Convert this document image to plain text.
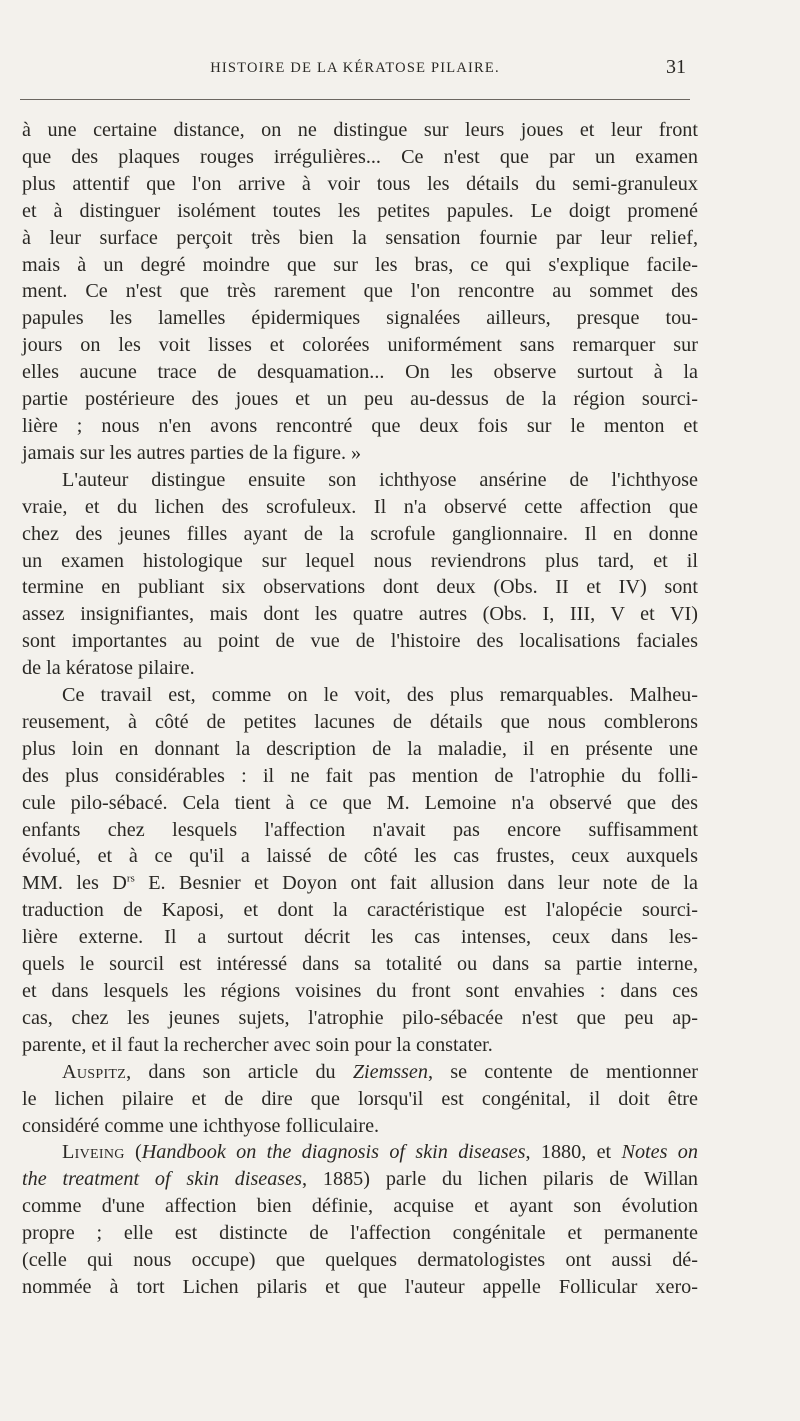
HISTOIRE DE LA KÉRATOSE PILAIRE.	31
à une certaine distance, on ne distingue sur leurs joues et leur front
que des plaques rouges irrégulières... Ce n'est que par un examen
plus attentif que l'on arrive à voir tous les détails du semi-granuleux
et à distinguer isolément toutes les petites papules. Le doigt promené
à leur surface perçoit très bien la sensation fournie par leur relief,
mais à un degré moindre que sur les bras, ce qui s'explique facile-
ment. Ce n'est que très rarement que l'on rencontre au sommet des
papules les lamelles épidermiques signalées ailleurs, presque tou-
jours on les voit lisses et colorées uniformément sans remarquer sur
elles aucune trace de desquamation... On les observe surtout à la
partie postérieure des joues et un peu au-dessus de la région sourci-
lière ; nous n'en avons rencontré que deux fois sur le menton et
jamais sur les autres parties de la figure. »
L'auteur distingue ensuite son ichthyose ansérine de l'ichthyose
vraie, et du lichen des scrofuleux. Il n'a observé cette affection que
chez des jeunes filles ayant de la scrofule ganglionnaire. Il en donne
un examen histologique sur lequel nous reviendrons plus tard, et il
termine en publiant six observations dont deux (Obs. II et IV) sont
assez insignifiantes, mais dont les quatre autres (Obs. I, III, V et VI)
sont importantes au point de vue de l'histoire des localisations faciales
de la kératose pilaire.
Ce travail est, comme on le voit, des plus remarquables. Malheu-
reusement, à côté de petites lacunes de détails que nous comblerons
plus loin en donnant la description de la maladie, il en présente une
des plus considérables : il ne fait pas mention de l'atrophie du folli-
cule pilo-sébacé. Cela tient à ce que M. Lemoine n'a observé que des
enfants chez lesquels l'affection n'avait pas encore suffisamment
évolué, et à ce qu'il a laissé de côté les cas frustes, ceux auxquels
MM. les $D^{rs}$ E. Besnier et Doyon ont fait allusion dans leur note de la
traduction de Kaposi, et dont la caractéristique est l'alopécie sourci-
lière externe. Il a surtout décrit les cas intenses, ceux dans les-
quels le sourcil est intéressé dans sa totalité ou dans sa partie interne,
et dans lesquels les régions voisines du front sont envahies : dans ces
cas, chez les jeunes sujets, l'atrophie pilo-sébacée n'est que peu ap-
parente, et il faut la rechercher avec soin pour la constater.
Auspitz, dans son article du Ziemssen, se contente de mentionner
le lichen pilaire et de dire que lorsqu'il est congénital, il doit être
considéré comme une ichthyose folliculaire.
Liveing (Handbook on the diagnosis of skin diseases, 1880, et Notes on
the treatment of skin diseases, 1885) parle du lichen pilaris de Willan
comme d'une affection bien définie, acquise et ayant son évolution
propre ; elle est distincte de l'affection congénitale et permanente
(celle qui nous occupe) que quelques dermatologistes ont aussi dé-
nommée à tort Lichen pilaris et que l'auteur appelle Follicular xero-
